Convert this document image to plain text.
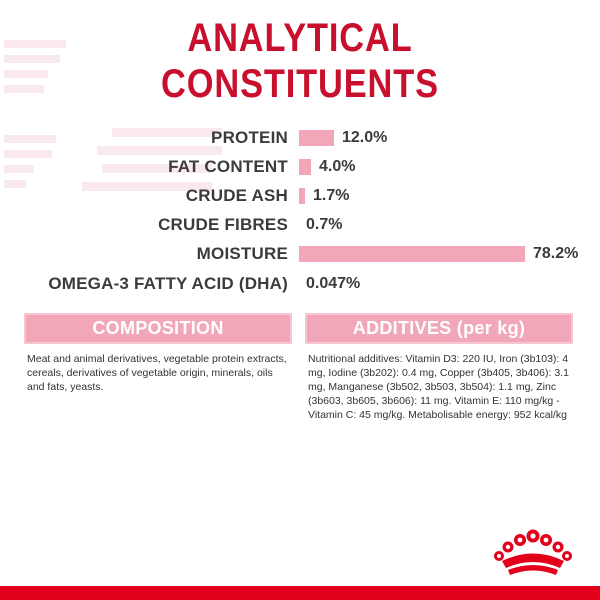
ANALYTICAL
CONSTITUENTS
PROTEIN	12.0%
FAT CONTENT 4.0%
CRUDE ASH 1.7%
CRUDE FIBRES 0.7%
MOISTURE	78.2%
OMEGA-3 FATTY ACID (DHA) 0.047%
COMPOSITION
Meat and animal derivatives, vegetable protein extracts, cereals, derivatives of vegetable origin, minerals, oils and fats, yeasts.
ADDITIVES (per kg)
Nutritional additives: Vitamin D3: 220 IU, Iron (3b103): 4 mg, Iodine (3b202): 0.4 mg, Copper (3b405, 3b406): 3.1 mg, Manganese (3b502, 3b503, 3b504): 1.1 mg, Zinc (3b603, 3b605, 3b606): 11 mg. Vitamin E: 110 mg/kg - Vitamin C: 45 mg/kg. Metabolisable energy: 952 kcal/kg
